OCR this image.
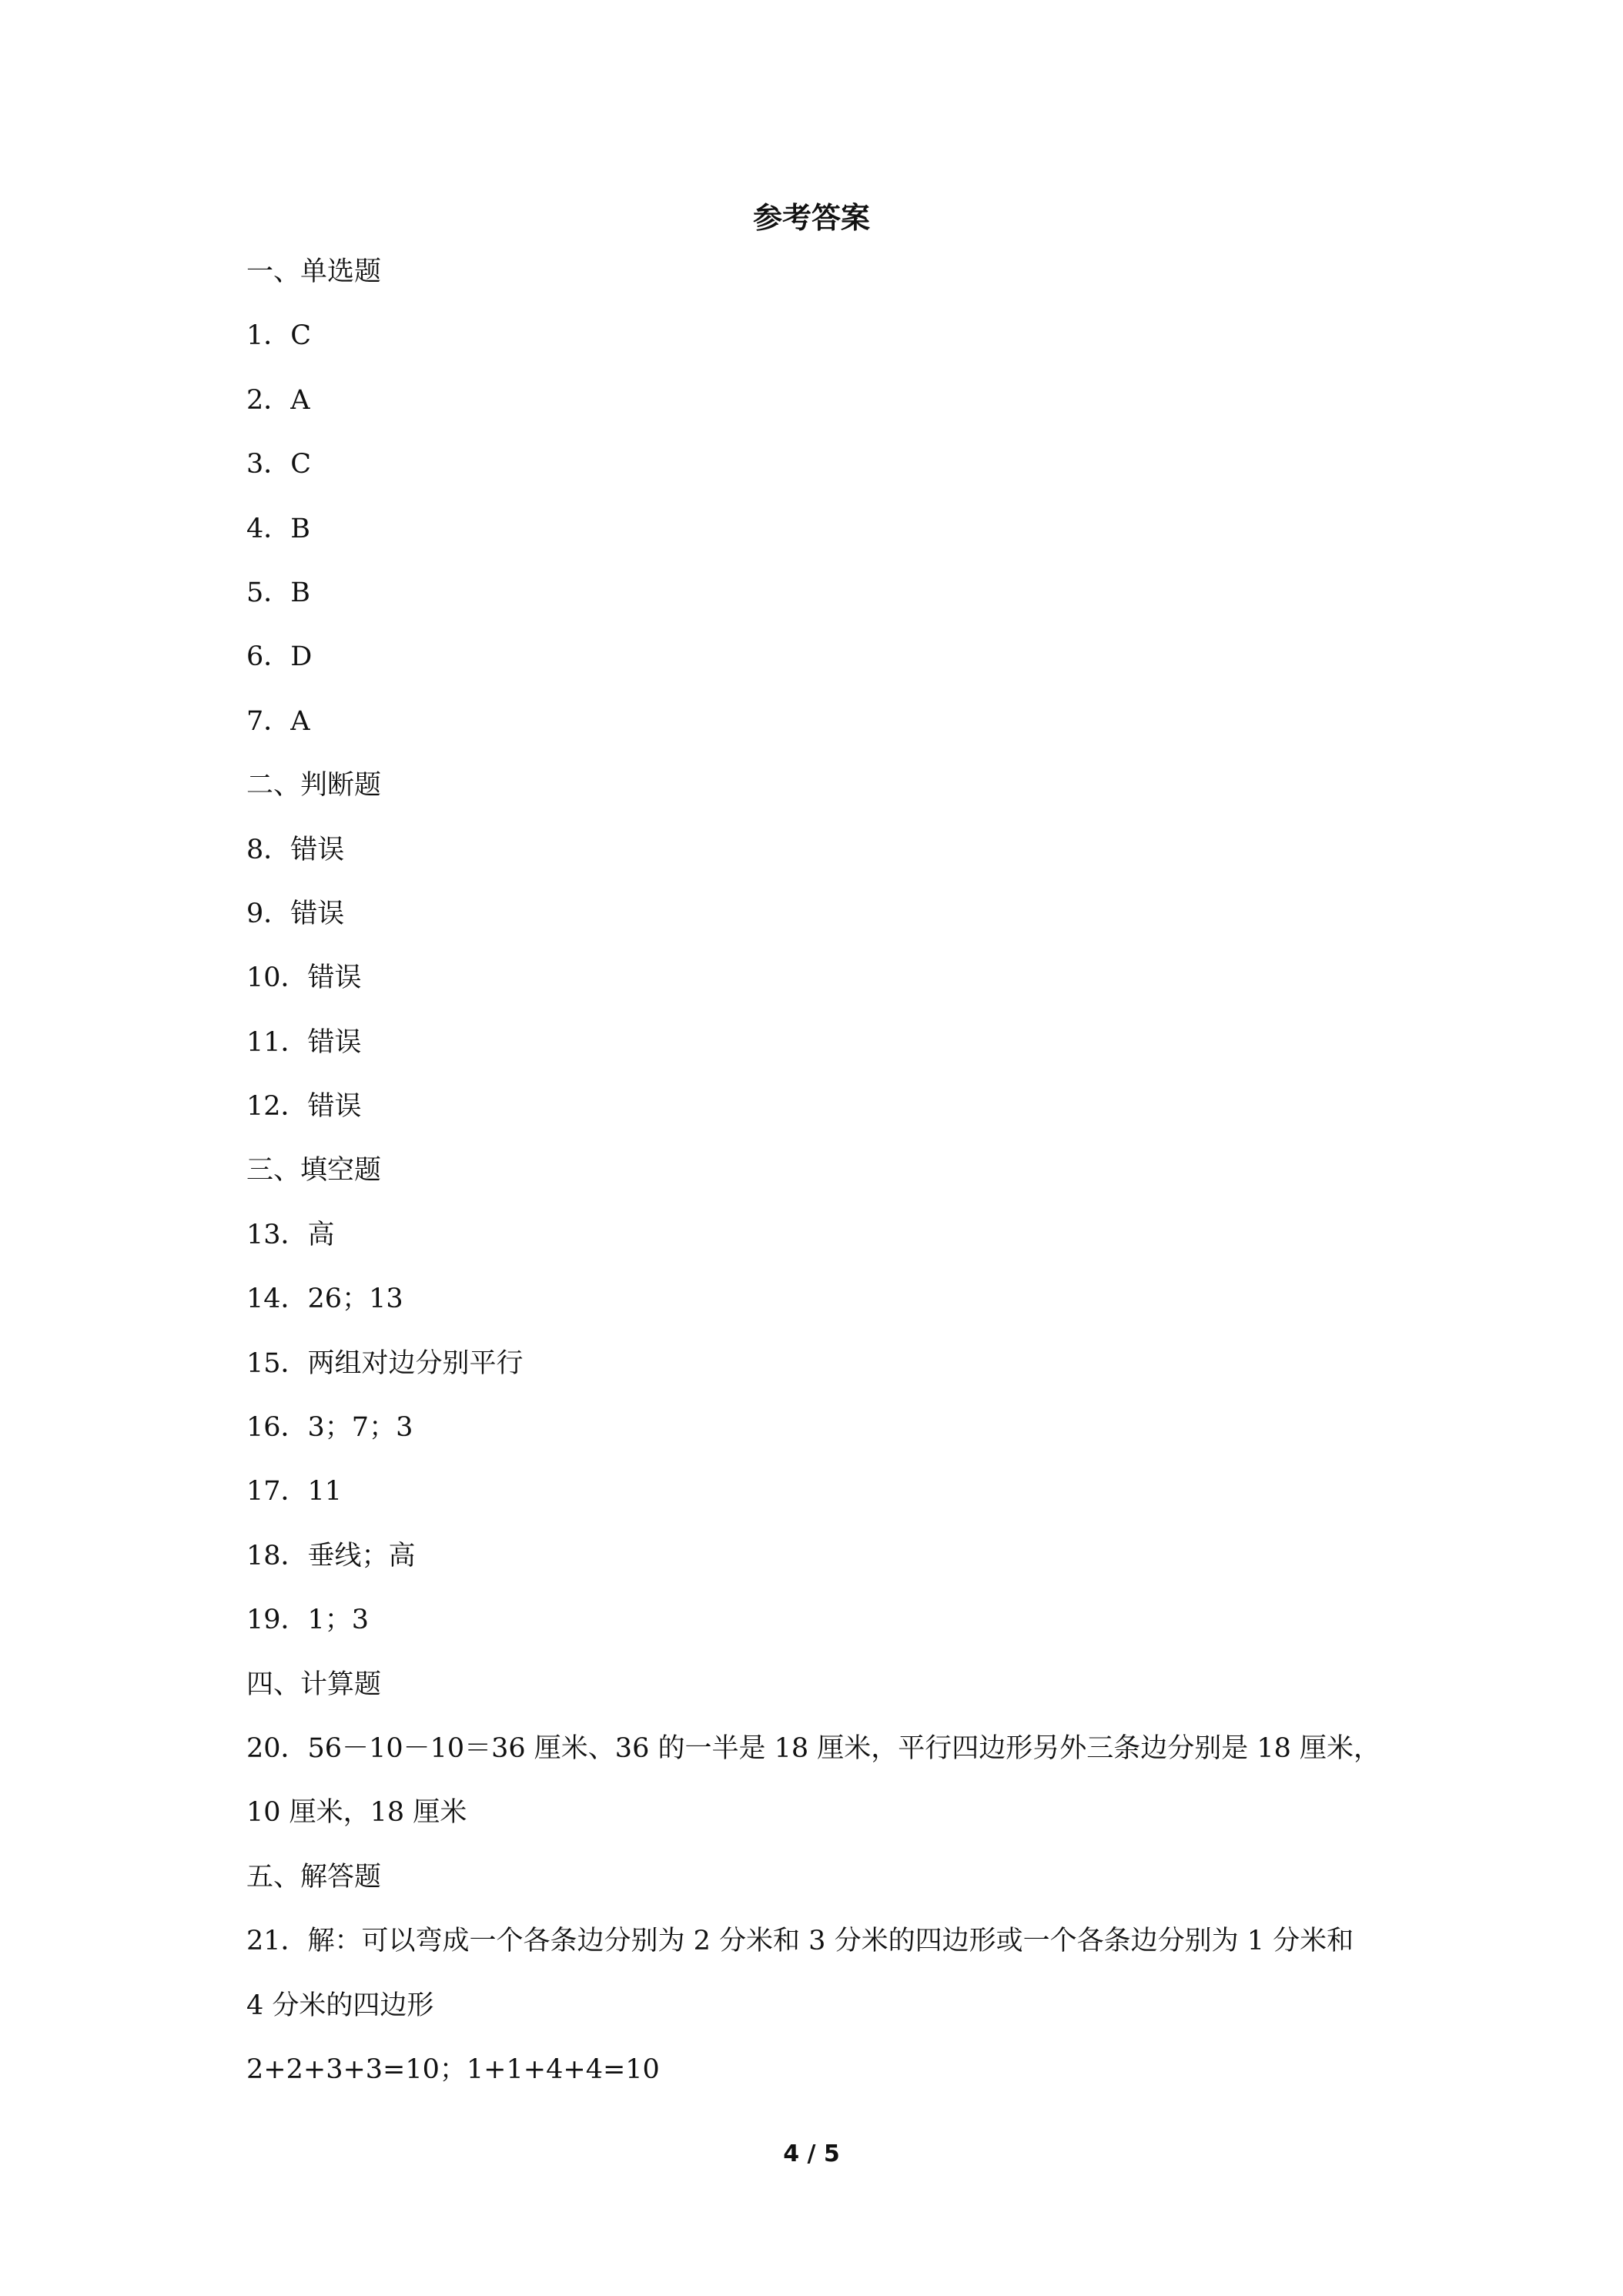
参考答案
一、单选题
1．C
2．A
3．C
4．B
5．B
6．D
7．A
二、判断题
8．错误
9．错误
10．错误
11．错误
12．错误
三、填空题
13．高
14．26；13
15．两组对边分别平行
16．3；7；3
17．11
18．垂线；高
19．1；3
四、计算题
20．56－10－10＝36 厘米、36 的一半是 18 厘米，平行四边形另外三条边分别是 18 厘米，
10 厘米，18 厘米
五、解答题
21．解：可以弯成一个各条边分别为 2 分米和 3 分米的四边形或一个各条边分别为 1 分米和
4 分米的四边形
2+2+3+3=10；1+1+4+4=10
4 / 5
